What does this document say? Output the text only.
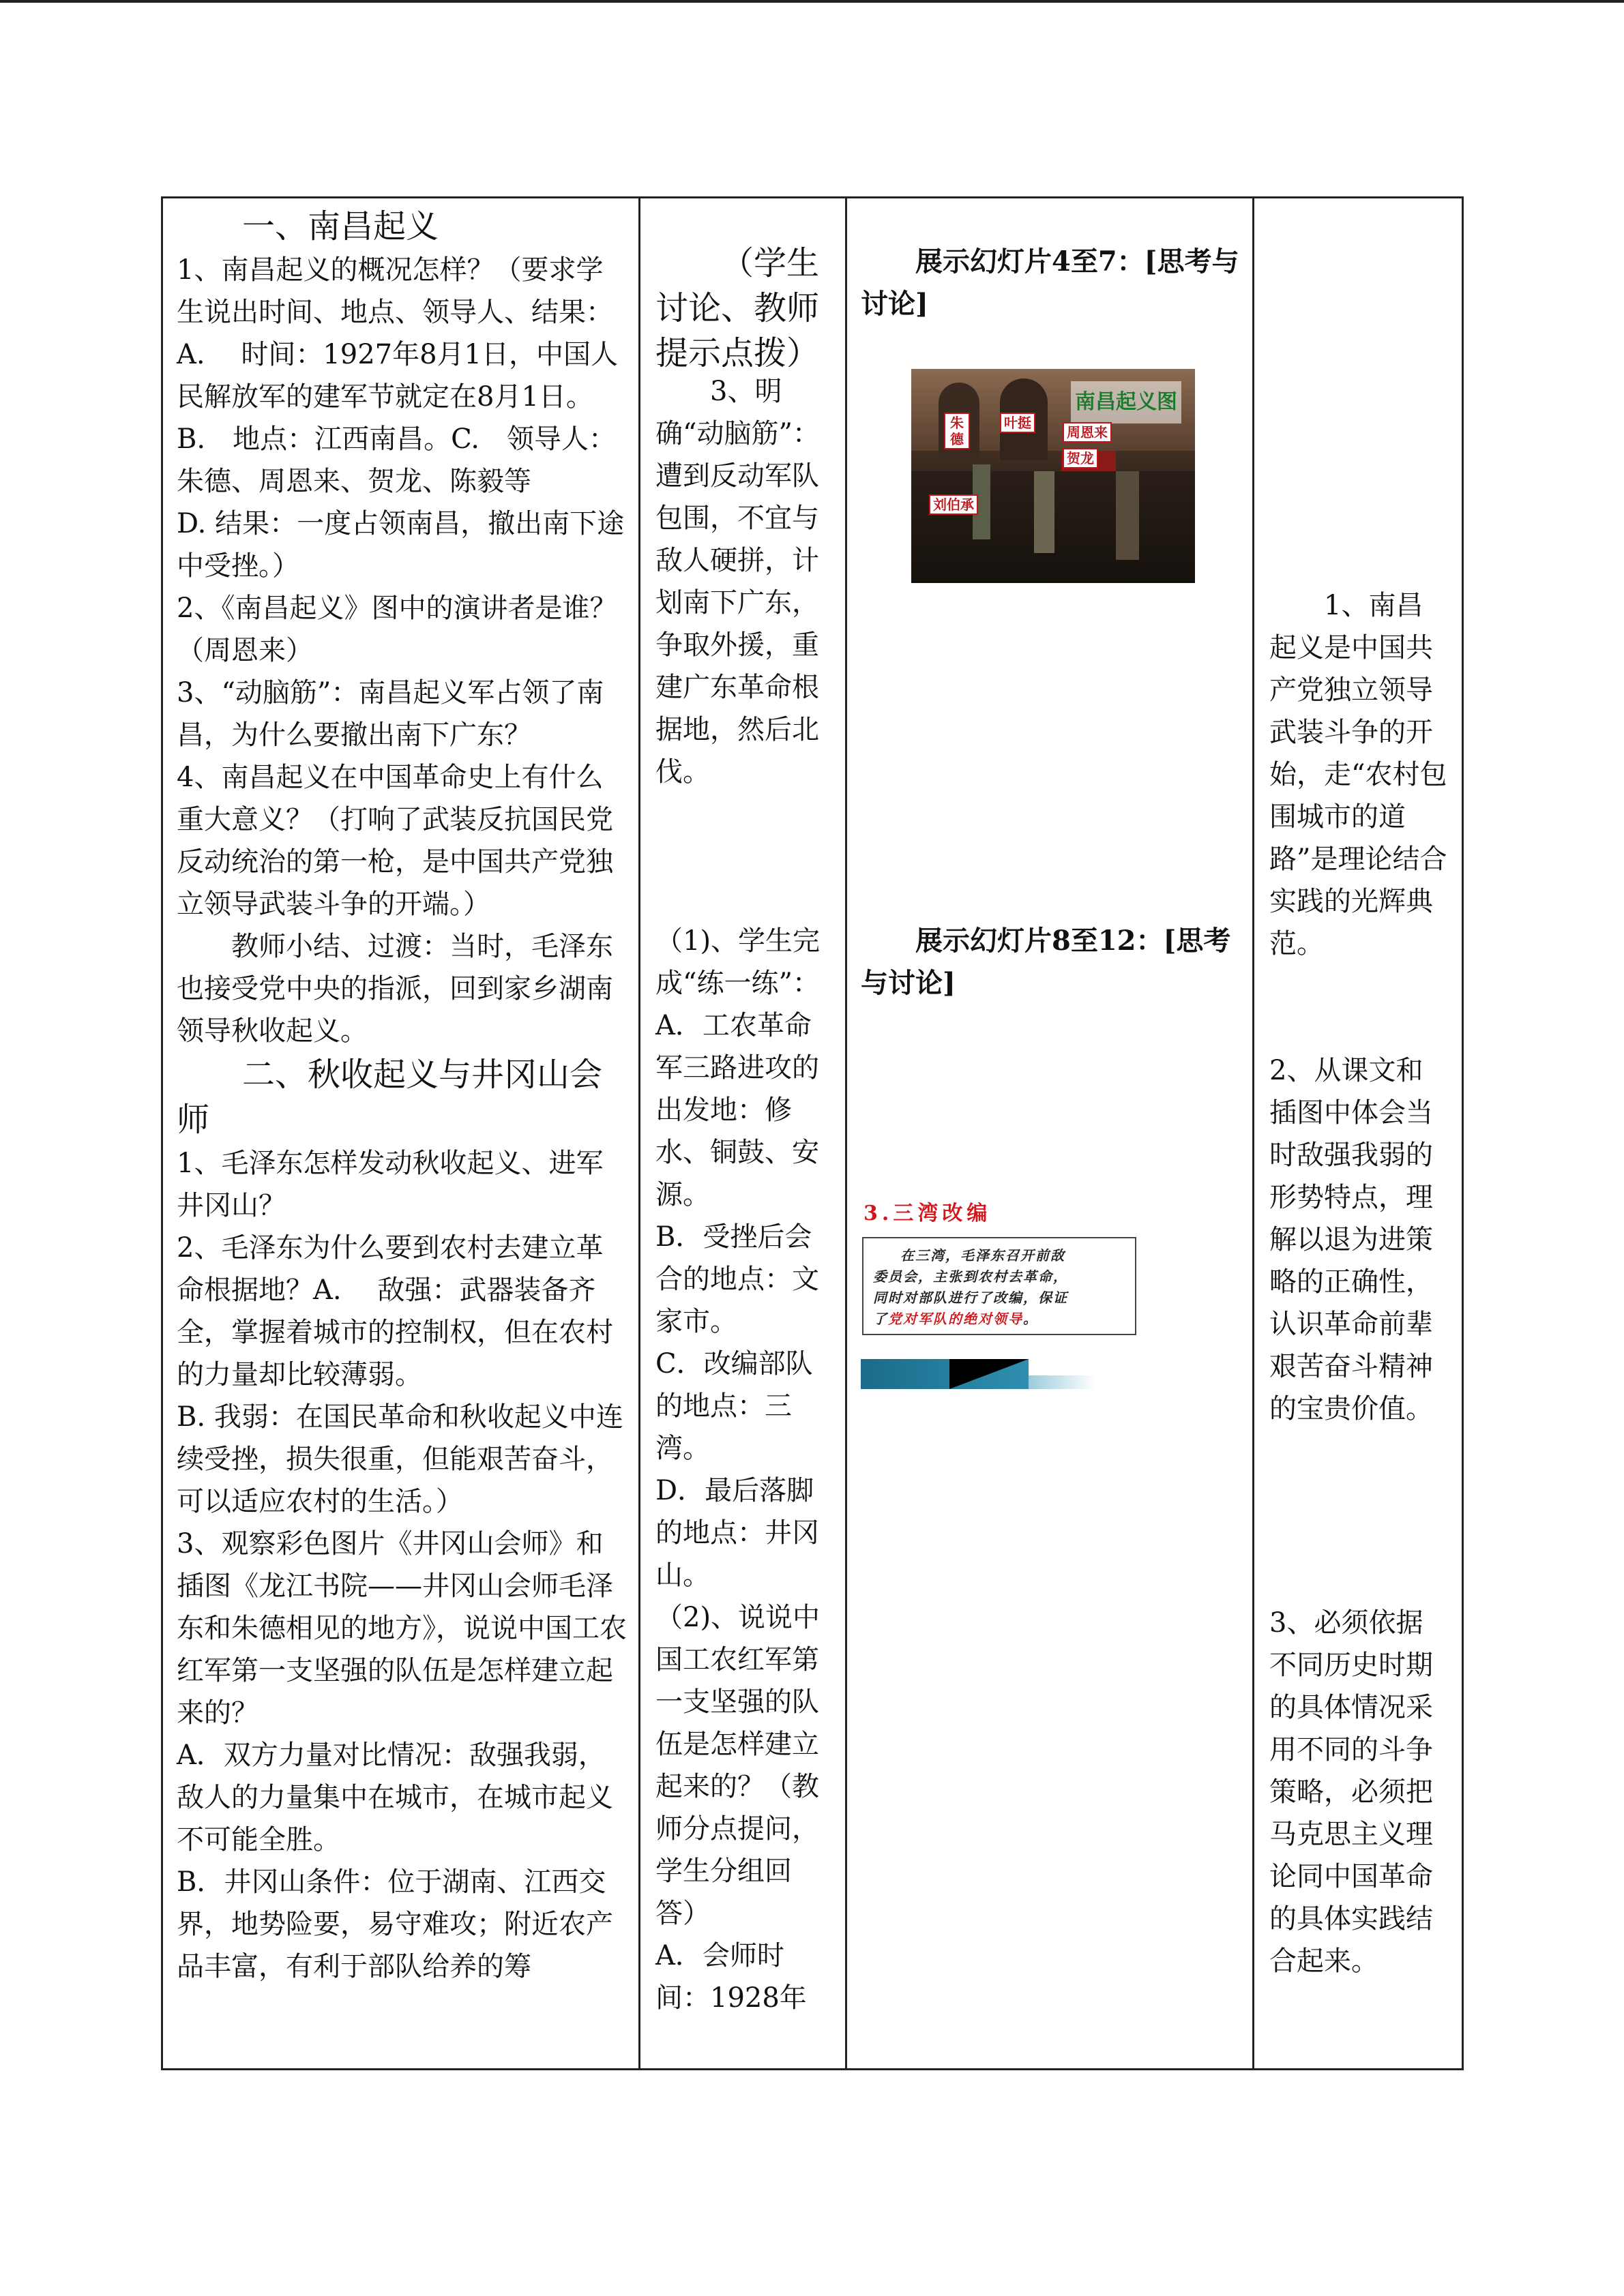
一、南昌起义

1、南昌起义的概况怎样？（要求学生说出时间、地点、领导人、结果：

A.　 时间：1927年8月1日，中国人民解放军的建军节就定在8月1日。

B.　地点：江西南昌。C.　领导人：朱德、周恩来、贺龙、陈毅等

D. 结果：一度占领南昌，撤出南下途中受挫。）

2、《南昌起义》图中的演讲者是谁？（周恩来）

3、“动脑筋”：南昌起义军占领了南昌，为什么要撤出南下广东？

4、南昌起义在中国革命史上有什么重大意义？（打响了武装反抗国民党反动统治的第一枪，是中国共产党独立领导武装斗争的开端。）

教师小结、过渡：当时，毛泽东也接受党中央的指派，回到家乡湖南领导秋收起义。

二、秋收起义与井冈山会师

1、毛泽东怎样发动秋收起义、进军井冈山？

2、毛泽东为什么要到农村去建立革命根据地？A.　 敌强：武器装备齐全，掌握着城市的控制权，但在农村的力量却比较薄弱。

B. 我弱：在国民革命和秋收起义中连续受挫，损失很重，但能艰苦奋斗，可以适应农村的生活。）

3、观察彩色图片《井冈山会师》和插图《龙江书院——井冈山会师毛泽东和朱德相见的地方》，说说中国工农红军第一支坚强的队伍是怎样建立起来的？

A．双方力量对比情况：敌强我弱，敌人的力量集中在城市，在城市起义不可能全胜。

B．井冈山条件：位于湖南、江西交界，地势险要，易守难攻；附近农产品丰富，有利于部队给养的筹

（学生讨论、教师提示点拨）

3、明确“动脑筋”：遭到反动军队包围，不宜与敌人硬拼，计划南下广东，争取外援，重建广东革命根据地，然后北伐。

（1)、学生完成“练一练”：

A．工农革命军三路进攻的出发地：修水、铜鼓、安源。

B．受挫后会合的地点：文家市。

C．改编部队的地点：三湾。

D．最后落脚的地点：井冈山。

（2)、说说中国工农红军第一支坚强的队伍是怎样建立起来的？（教师分点提问，学生分组回答）

A．会师时间：1928年

展示幻灯片4至7：[思考与讨论]

南昌起义图
朱德
叶挺
周恩来
贺龙
刘伯承

展示幻灯片8至12：[思考与讨论]

3.三湾改编

在三湾，毛泽东召开前敌

委员会，主张到农村去革命，

同时对部队进行了改编，保证

了党对军队的绝对领导。

1、南昌起义是中国共产党独立领导武装斗争的开始，走“农村包围城市的道路”是理论结合实践的光辉典范。

2、从课文和插图中体会当时敌强我弱的形势特点，理解以退为进策略的正确性，认识革命前辈艰苦奋斗精神的宝贵价值。

3、必须依据不同历史时期的具体情况采用不同的斗争策略，必须把马克思主义理论同中国革命的具体实践结合起来。
